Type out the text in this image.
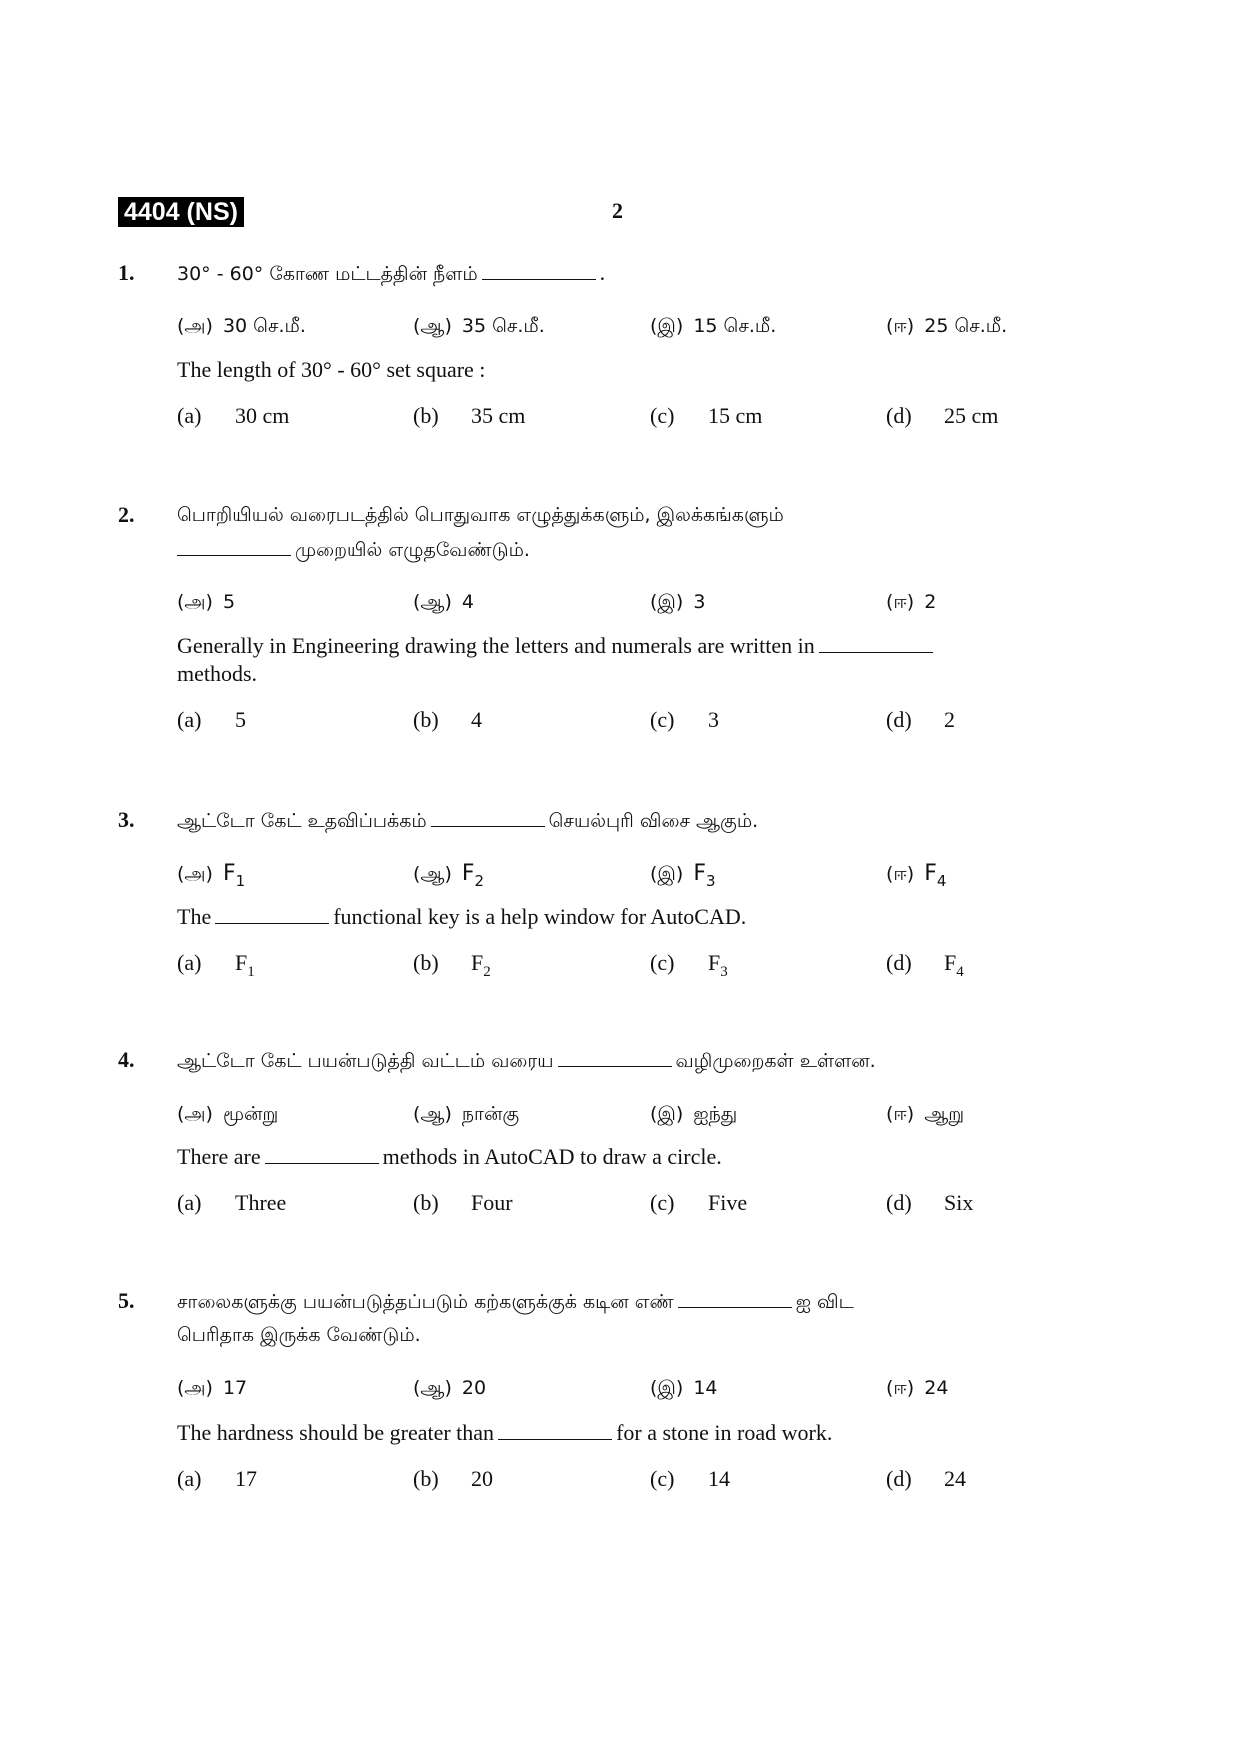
4404 (NS)	2
1. 30° - 60° கோண மட்டத்தின் நீளம்	.
(அ) 30 செ.மீ.	(ஆ) 35 செ.மீ.	(இ) 15 செ.மீ.	(ஈ) 25 செ.மீ.
The length of 30° - 60° set square :
(a) 30 cm	(b) 35 cm	(c) 15 cm	(d) 25 cm
2. பொறியியல் வரைபடத்தில் பொதுவாக எழுத்துக்களும், இலக்கங்களும்
முறையில் எழுதவேண்டும்.
(அ) 5	(ஆ) 4	(இ) 3	(ஈ) 2
Generally in Engineering drawing the letters and numerals are written in
methods.
(a) 5	(b) 4	(c) 3	(d) 2
3. ஆட்டோ கேட் உதவிப்பக்கம்	செயல்புரி விசை ஆகும்.
(அ) $F_1$	(ஆ) $F_2$	(இ) $F_3$	(ஈ) $F_4$
The	functional key is a help window for AutoCAD.
(a) $F_1$	(b) $F_2$	(c) $F_3$	(d) $F_4$
4. ஆட்டோ கேட் பயன்படுத்தி வட்டம் வரைய	வழிமுறைகள் உள்ளன.
(அ) மூன்று	(ஆ) நான்கு	(இ) ஐந்து	(ஈ) ஆறு
There are	methods in AutoCAD to draw a circle.
(a) Three	(b) Four	(c) Five	(d) Six
5. சாலைகளுக்கு பயன்படுத்தப்படும் கற்களுக்குக் கடின எண்	ஐ விட
பெரிதாக இருக்க வேண்டும்.
(அ) 17	(ஆ) 20	(இ) 14	(ஈ) 24
The hardness should be greater than	for a stone in road work.
(a) 17	(b) 20	(c) 14	(d) 24
